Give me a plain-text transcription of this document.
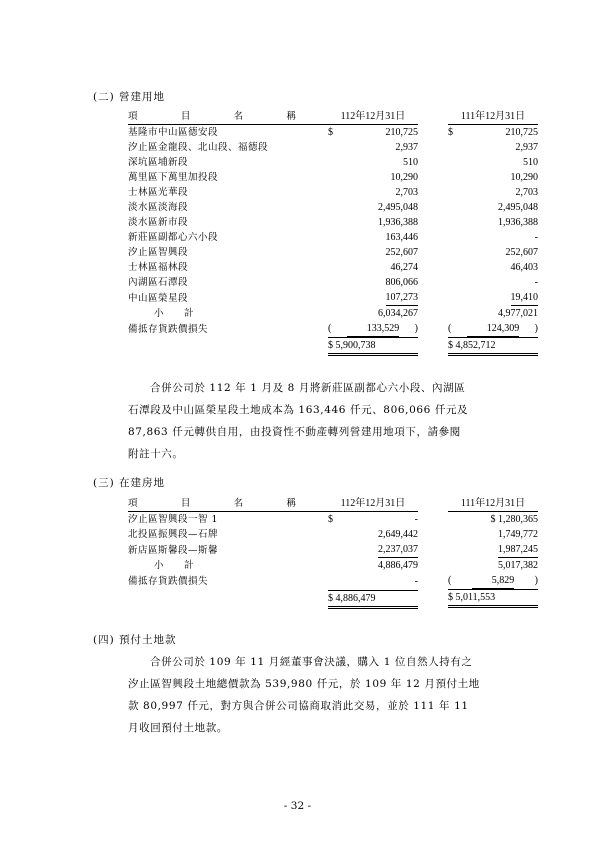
(二) 營建用地
項 目 名 稱		112年12月31日		111年12月31日
基隆市中山區德安段		$ 210,725		$ 210,725

汐止區金龍段、北山段、福德段		2,937		2,937

深坑區埔新段		510		510

萬里區下萬里加投段		10,290		10,290

士林區光華段		2,703		2,703

淡水區淡海段		2,495,048		2,495,048

淡水區新市段		1,936,388		1,936,388

新莊區副都心六小段		163,446		-

汐止區智興段		252,607		252,607

士林區福林段		46,274		46,403

內湖區石潭段		806,066		-

中山區榮星段		107,273		19,410

小　　計		6,034,267		4,977,021
備抵存貨跌價損失		( 133,529 )		( 124,309 )

		$ 5,900,738		$ 4,852,712

合併公司於 112 年 1 月及 8 月將新莊區副都心六小段、內湖區

石潭段及中山區榮星段土地成本為 163,446 仟元、806,066 仟元及

87,863 仟元轉供自用，由投資性不動產轉列營建用地項下，請參閱

附註十六。

(三) 在建房地
項 目 名 稱		112年12月31日		111年12月31日
汐止區智興段一智 1		$ -		$ 1,280,365

北投區振興段—石牌		2,649,442		1,749,772

新店區斯馨段—斯馨		2,237,037		1,987,245

小　　計		4,886,479		5,017,382
備抵存貨跌價損失		-		( 5,829 )

		$ 4,886,479		$ 5,011,553
(四) 預付土地款

合併公司於 109 年 11 月經董事會決議，購入 1 位自然人持有之

汐止區智興段土地總價款為 539,980 仟元，於 109 年 12 月預付土地

款 80,997 仟元，對方與合併公司協商取消此交易，並於 111 年 11

月收回預付土地款。

- 32 -
